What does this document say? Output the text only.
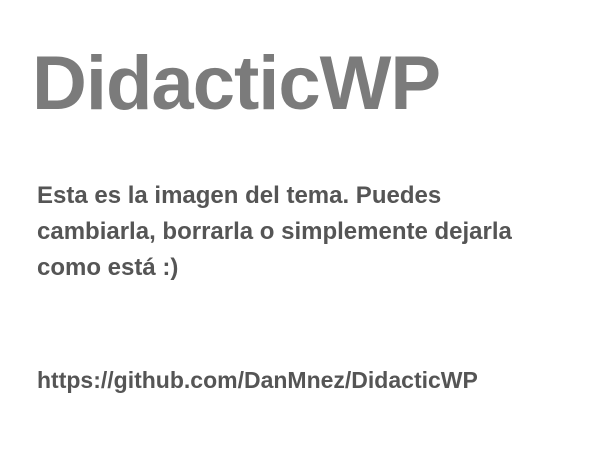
DidacticWP

Esta es la imagen del tema. Puedes cambiarla, borrarla o simplemente dejarla como está :)

https://github.com/DanMnez/DidacticWP
